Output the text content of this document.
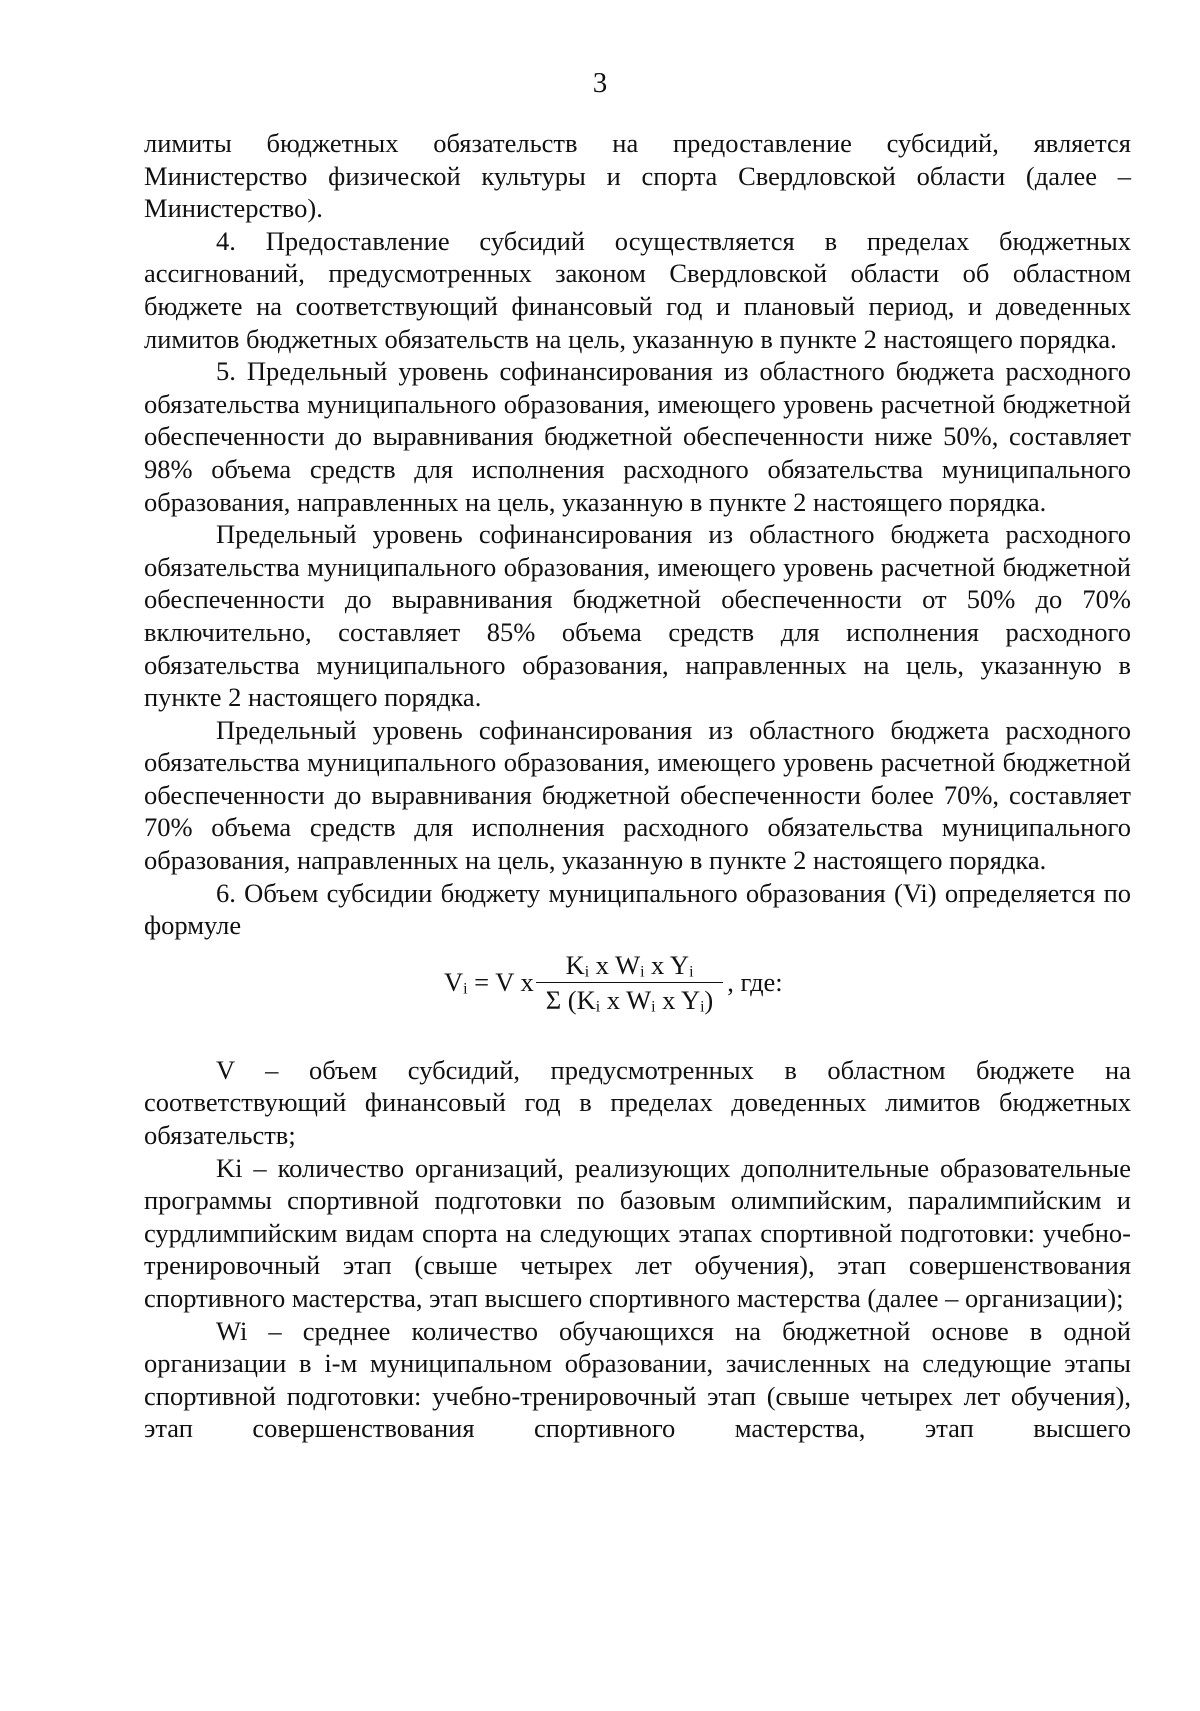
3

лимиты бюджетных обязательств на предоставление субсидий, является Министерство физической культуры и спорта Свердловской области (далее – Министерство).

4. Предоставление субсидий осуществляется в пределах бюджетных ассигнований, предусмотренных законом Свердловской области об областном бюджете на соответствующий финансовый год и плановый период, и доведенных лимитов бюджетных обязательств на цель, указанную в пункте 2 настоящего порядка.

5. Предельный уровень софинансирования из областного бюджета расходного обязательства муниципального образования, имеющего уровень расчетной бюджетной обеспеченности до выравнивания бюджетной обеспеченности ниже 50%, составляет 98% объема средств для исполнения расходного обязательства муниципального образования, направленных на цель, указанную в пункте 2 настоящего порядка.

Предельный уровень софинансирования из областного бюджета расходного обязательства муниципального образования, имеющего уровень расчетной бюджетной обеспеченности до выравнивания бюджетной обеспеченности от 50% до 70% включительно, составляет 85% объема средств для исполнения расходного обязательства муниципального образования, направленных на цель, указанную в пункте 2 настоящего порядка.

Предельный уровень софинансирования из областного бюджета расходного обязательства муниципального образования, имеющего уровень расчетной бюджетной обеспеченности до выравнивания бюджетной обеспеченности более 70%, составляет 70% объема средств для исполнения расходного обязательства муниципального образования, направленных на цель, указанную в пункте 2 настоящего порядка.

6. Объем субсидии бюджету муниципального образования (Vi) определяется по формуле

Vᵢ = V x $\frac{\text{Kᵢ x Wᵢ x Yᵢ}}{\text{Σ (Kᵢ x Wᵢ x Yᵢ)}}$ , где:

V – объем субсидий, предусмотренных в областном бюджете на соответствующий финансовый год в пределах доведенных лимитов бюджетных обязательств;

Ki – количество организаций, реализующих дополнительные образовательные программы спортивной подготовки по базовым олимпийским, паралимпийским и сурдлимпийским видам спорта на следующих этапах спортивной подготовки: учебно-тренировочный этап (свыше четырех лет обучения), этап совершенствования спортивного мастерства, этап высшего спортивного мастерства (далее – организации);

Wi – среднее количество обучающихся на бюджетной основе в одной организации в i-м муниципальном образовании, зачисленных на следующие этапы спортивной подготовки: учебно-тренировочный этап (свыше четырех лет обучения), этап совершенствования спортивного мастерства, этап высшего
